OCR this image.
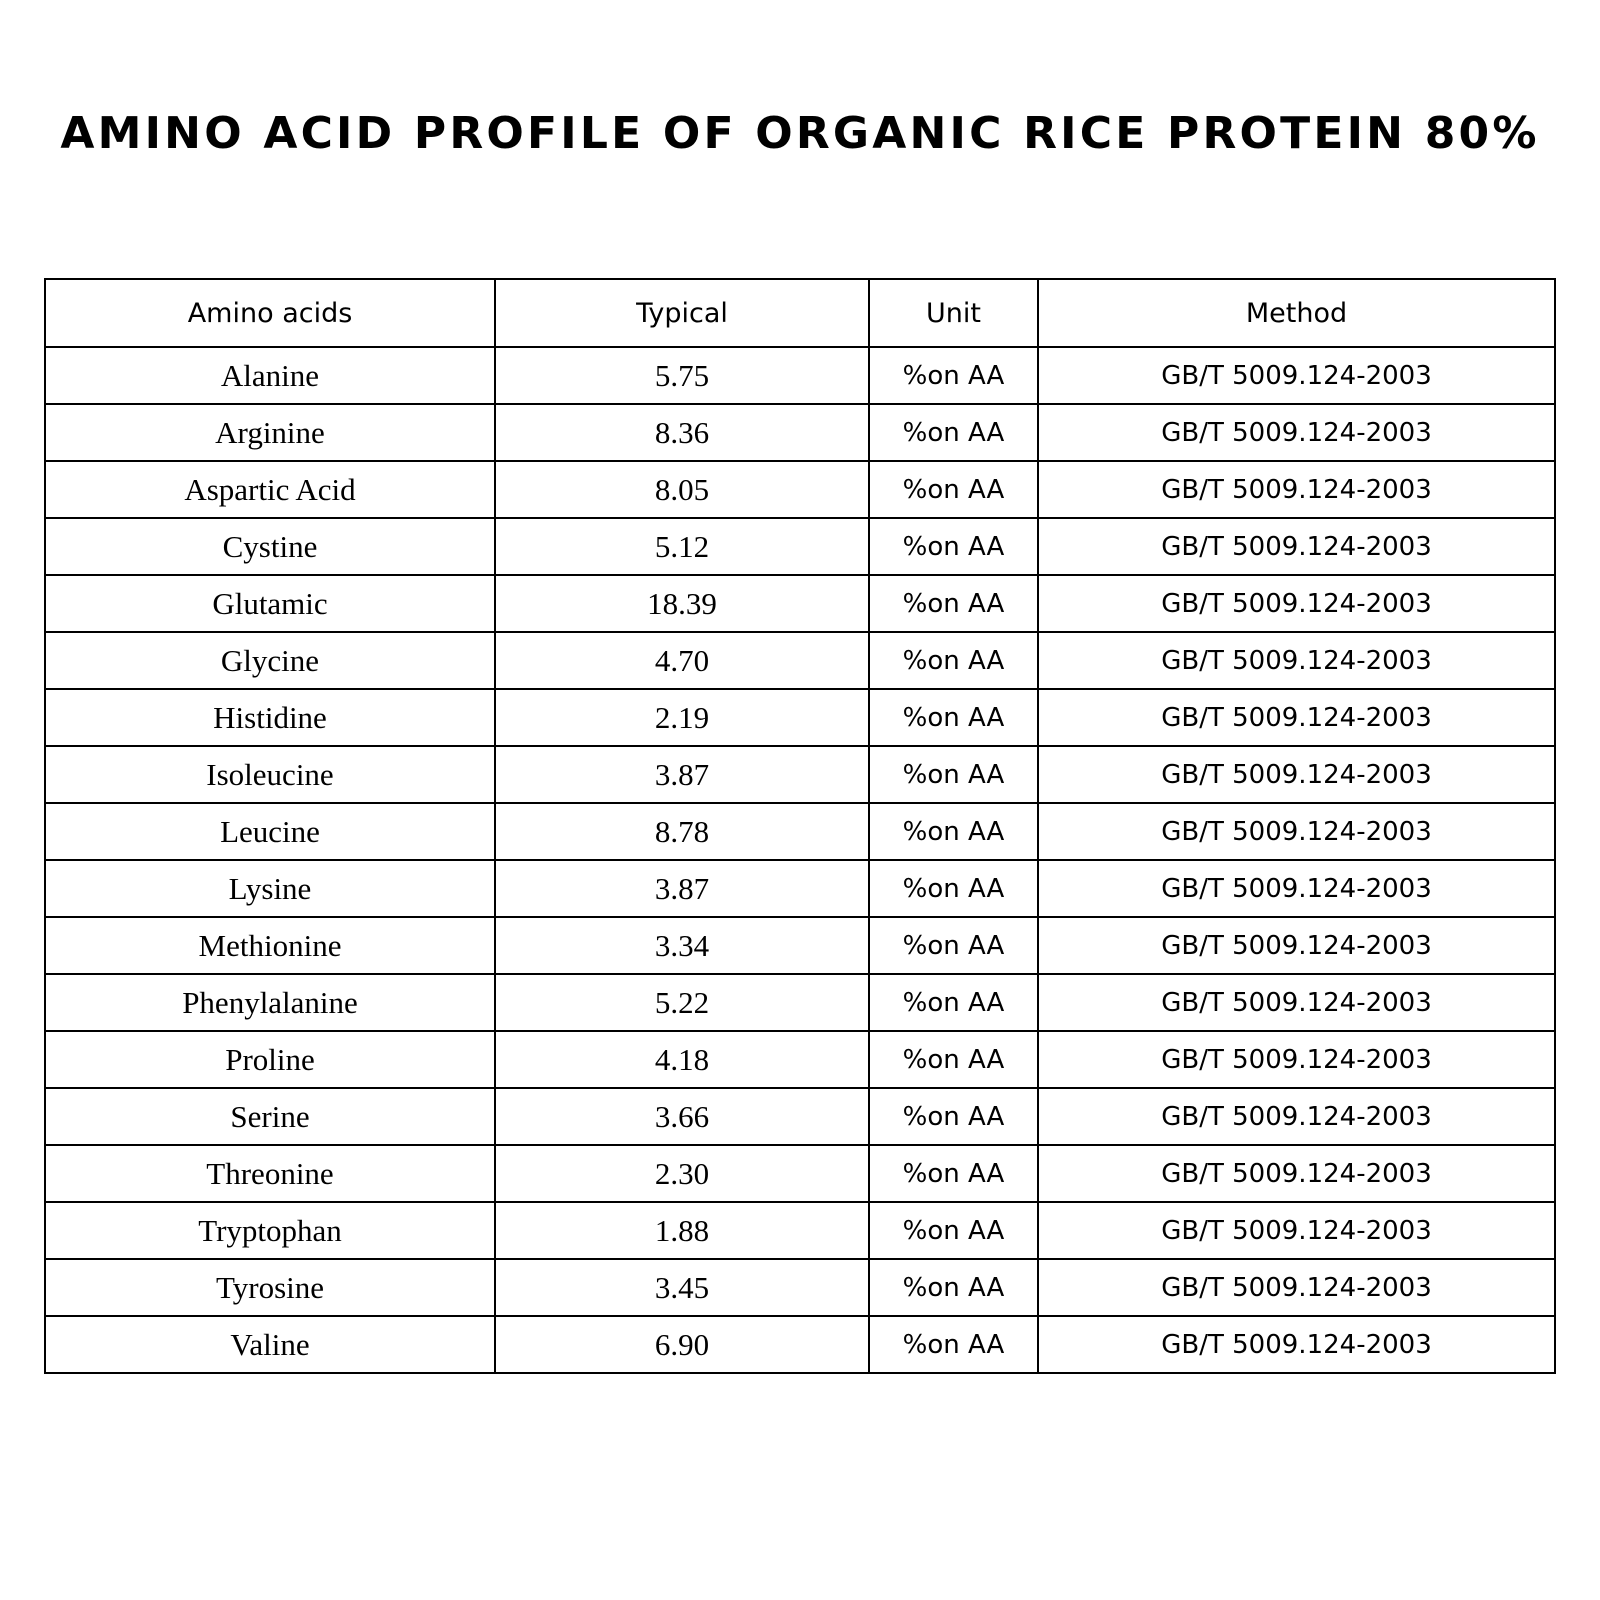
AMINO ACID PROFILE OF ORGANIC RICE PROTEIN 80%
Amino acids	Typical	Unit	Method
Alanine	5.75	%on AA	GB/T 5009.124-2003
Arginine	8.36	%on AA	GB/T 5009.124-2003
Aspartic Acid	8.05	%on AA	GB/T 5009.124-2003
Cystine	5.12	%on AA	GB/T 5009.124-2003
Glutamic	18.39	%on AA	GB/T 5009.124-2003
Glycine	4.70	%on AA	GB/T 5009.124-2003
Histidine	2.19	%on AA	GB/T 5009.124-2003
Isoleucine	3.87	%on AA	GB/T 5009.124-2003
Leucine	8.78	%on AA	GB/T 5009.124-2003
Lysine	3.87	%on AA	GB/T 5009.124-2003
Methionine	3.34	%on AA	GB/T 5009.124-2003
Phenylalanine	5.22	%on AA	GB/T 5009.124-2003
Proline	4.18	%on AA	GB/T 5009.124-2003
Serine	3.66	%on AA	GB/T 5009.124-2003
Threonine	2.30	%on AA	GB/T 5009.124-2003
Tryptophan	1.88	%on AA	GB/T 5009.124-2003
Tyrosine	3.45	%on AA	GB/T 5009.124-2003
Valine	6.90	%on AA	GB/T 5009.124-2003
